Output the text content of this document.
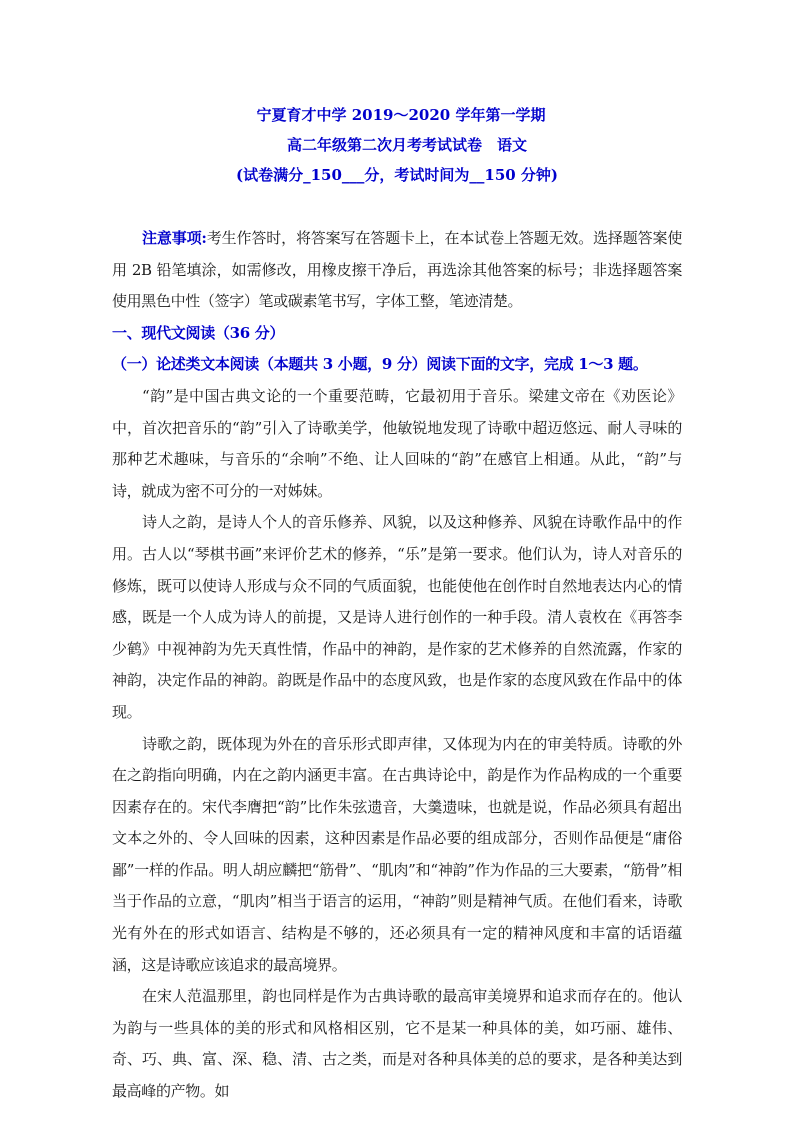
宁夏育才中学 2019～2020 学年第一学期
高二年级第二次月考考试试卷　语文
(试卷满分_150___分，考试时间为__150 分钟)

注意事项:考生作答时，将答案写在答题卡上，在本试卷上答题无效。选择题答案使用 2B 铅笔填涂，如需修改，用橡皮擦干净后，再选涂其他答案的标号；非选择题答案使用黑色中性（签字）笔或碳素笔书写，字体工整，笔迹清楚。

一、现代文阅读（36 分）
（一）论述类文本阅读（本题共 3 小题，9 分）阅读下面的文字，完成 1～3 题。

“韵”是中国古典文论的一个重要范畴，它最初用于音乐。梁建文帝在《劝医论》中，首次把音乐的“韵”引入了诗歌美学，他敏锐地发现了诗歌中超迈悠远、耐人寻味的那种艺术趣味，与音乐的“余响”不绝、让人回味的“韵”在感官上相通。从此，“韵”与诗，就成为密不可分的一对姊妹。

诗人之韵，是诗人个人的音乐修养、风貌，以及这种修养、风貌在诗歌作品中的作用。古人以“琴棋书画”来评价艺术的修养，“乐”是第一要求。他们认为，诗人对音乐的修炼，既可以使诗人形成与众不同的气质面貌，也能使他在创作时自然地表达内心的情感，既是一个人成为诗人的前提，又是诗人进行创作的一种手段。清人袁枚在《再答李少鹤》中视神韵为先天真性情，作品中的神韵，是作家的艺术修养的自然流露，作家的神韵，决定作品的神韵。韵既是作品中的态度风致，也是作家的态度风致在作品中的体现。

诗歌之韵，既体现为外在的音乐形式即声律，又体现为内在的审美特质。诗歌的外在之韵指向明确，内在之韵内涵更丰富。在古典诗论中，韵是作为作品构成的一个重要因素存在的。宋代李膺把“韵”比作朱弦遗音，大羹遗味，也就是说，作品必须具有超出文本之外的、令人回味的因素，这种因素是作品必要的组成部分，否则作品便是“庸俗鄙”一样的作品。明人胡应麟把“筋骨”、“肌肉”和“神韵”作为作品的三大要素，“筋骨”相当于作品的立意，“肌肉”相当于语言的运用，“神韵”则是精神气质。在他们看来，诗歌光有外在的形式如语言、结构是不够的，还必须具有一定的精神风度和丰富的话语蕴涵，这是诗歌应该追求的最高境界。

在宋人范温那里，韵也同样是作为古典诗歌的最高审美境界和追求而存在的。他认为韵与一些具体的美的形式和风格相区别，它不是某一种具体的美，如巧丽、雄伟、奇、巧、典、富、深、稳、清、古之类，而是对各种具体美的总的要求，是各种美达到最高峰的产物。如
